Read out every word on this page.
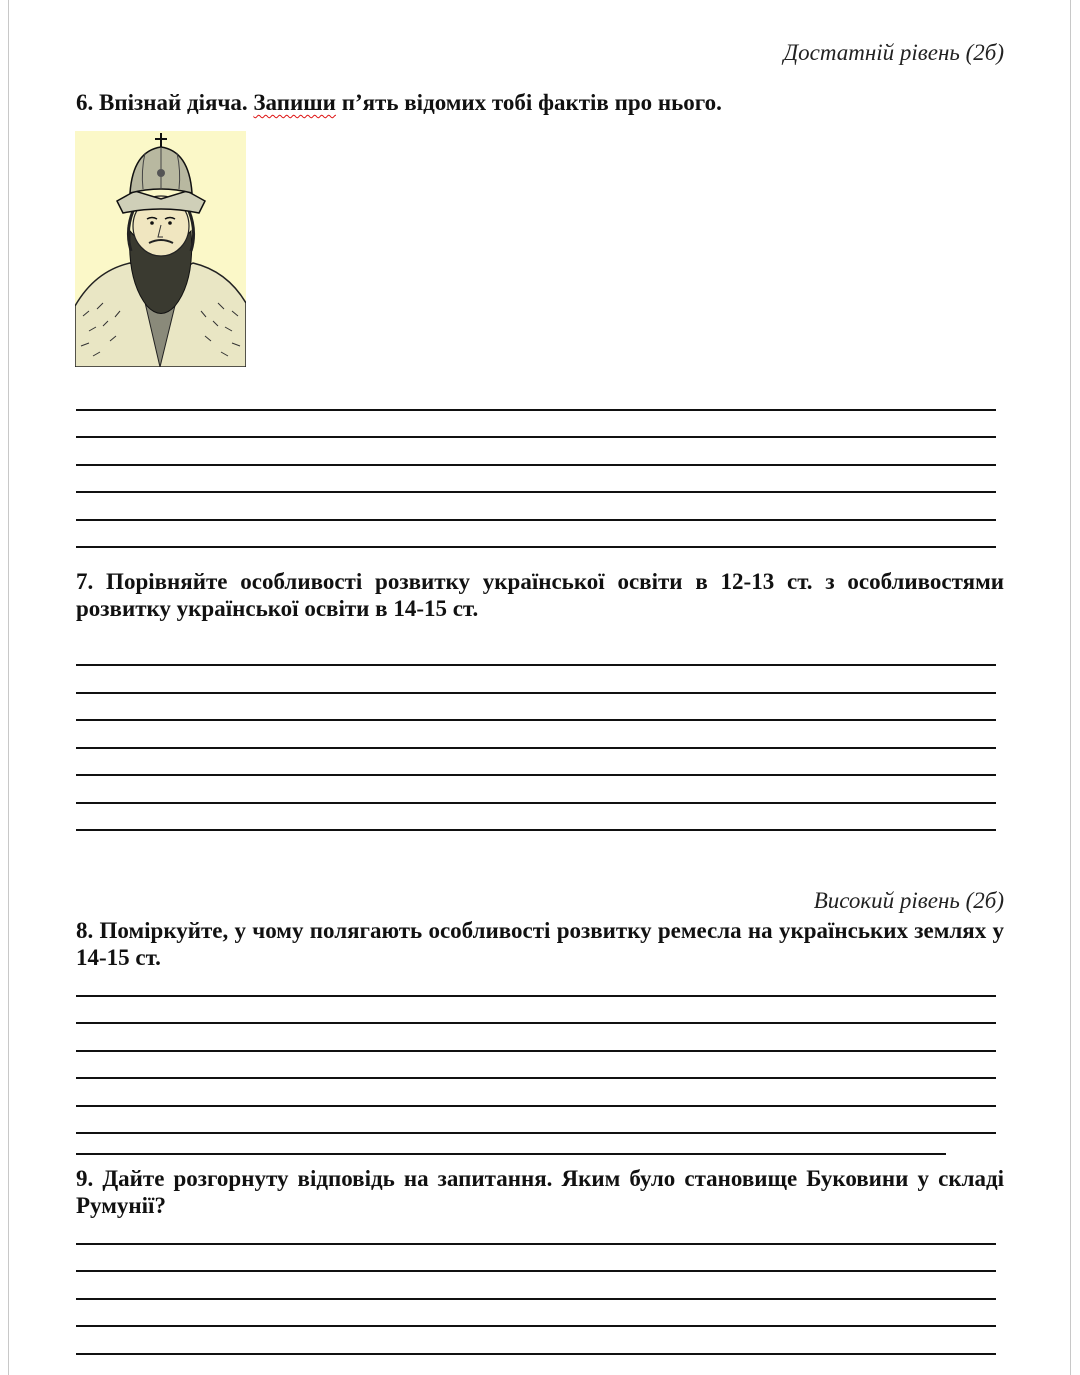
Достатній рівень (2б)
6. Впізнай діяча. Запиши п’ять відомих тобі фактів про нього.
7. Порівняйте особливості розвитку української освіти в 12-13 ст. з особливостями розвитку української освіти в 14-15 ст.
Високий рівень (2б)
8. Поміркуйте, у чому полягають особливості розвитку ремесла на українських землях у 14-15 ст.
9. Дайте розгорнуту відповідь на запитання. Яким було становище Буковини у складі Румунії?
